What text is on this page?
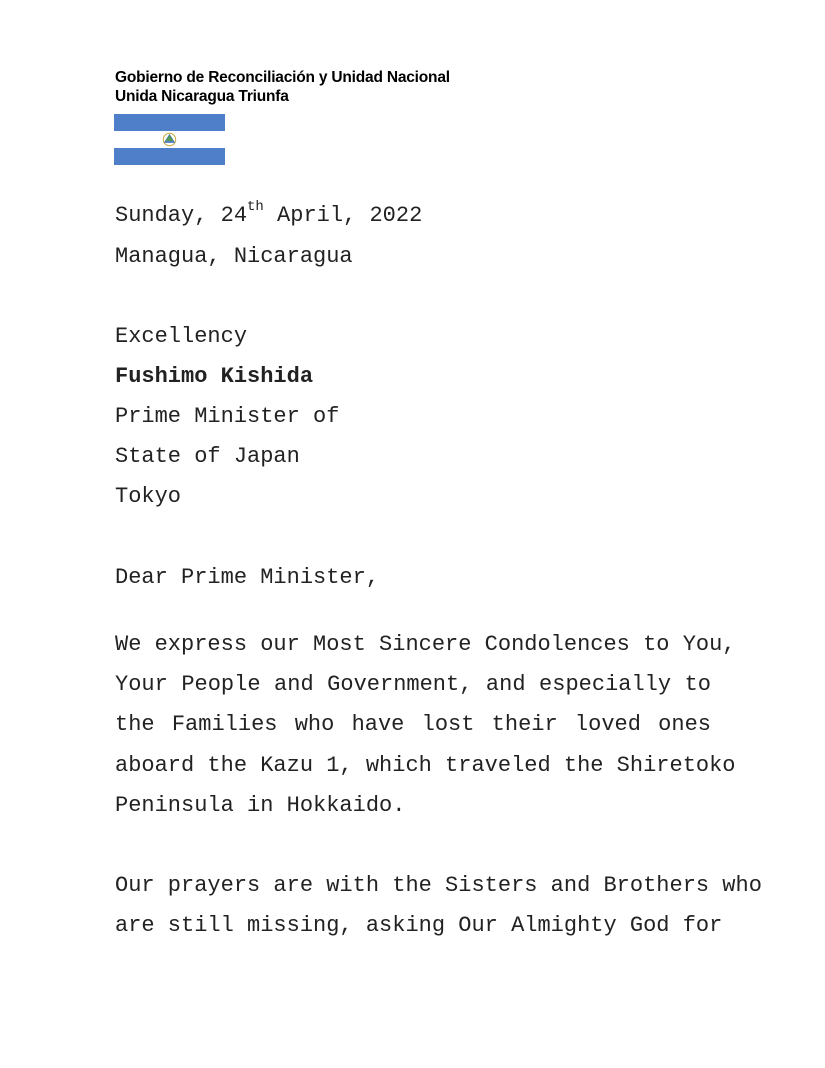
Gobierno de Reconciliación y Unidad Nacional
Unida Nicaragua Triunfa
Sunday, 24th April, 2022
Managua, Nicaragua
Excellency
Fushimo Kishida
Prime Minister of
State of Japan
Tokyo
Dear Prime Minister,
We express our Most Sincere Condolences to You,
Your People and Government, and especially to
the Families who have lost their loved ones
aboard the Kazu 1, which traveled the Shiretoko
Peninsula in Hokkaido.
Our prayers are with the Sisters and Brothers who
are still missing, asking Our Almighty God for
